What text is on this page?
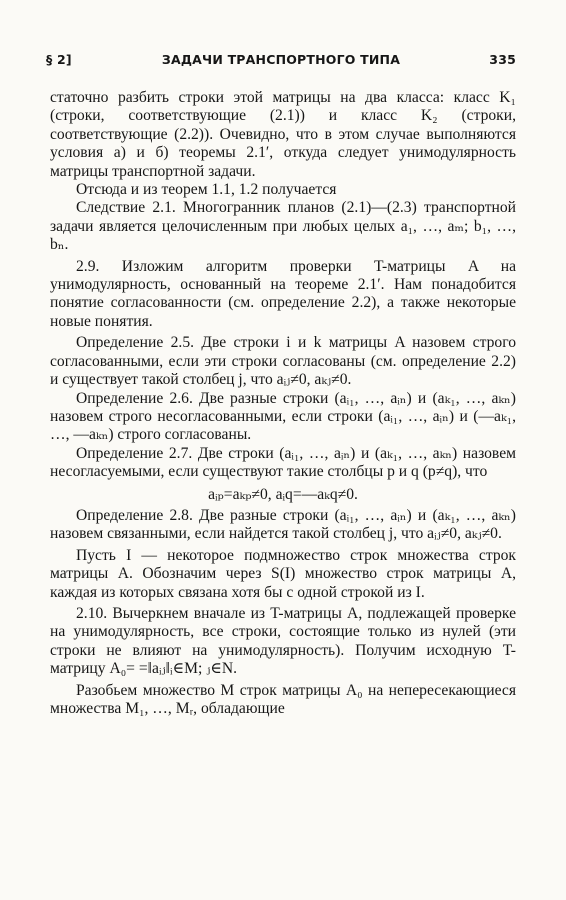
§ 2]	ЗАДАЧИ ТРАНСПОРТНОГО ТИПА	335

статочно разбить строки этой матрицы на два класса: класс K₁ (строки, соответствующие (2.1)) и класс K₂ (строки, соответствующие (2.2)). Очевидно, что в этом случае выполняются условия а) и б) теоремы 2.1′, откуда следует унимодулярность матрицы транспортной задачи.

Отсюда и из теорем 1.1, 1.2 получается

Следствие 2.1. Многогранник планов (2.1)—(2.3) транспортной задачи является целочисленным при любых целых a₁, …, aₘ; b₁, …, bₙ.

2.9. Изложим алгоритм проверки T-матрицы A на унимодулярность, основанный на теореме 2.1′. Нам понадобится понятие согласованности (см. определение 2.2), а также некоторые новые понятия.

Определение 2.5. Две строки i и k матрицы A назовем строго согласованными, если эти строки согласованы (см. определение 2.2) и существует такой столбец j, что aᵢⱼ≠0, aₖⱼ≠0.

Определение 2.6. Две разные строки (aᵢ₁, …, aᵢₙ) и (aₖ₁, …, aₖₙ) назовем строго несогласованными, если строки (aᵢ₁, …, aᵢₙ) и (—aₖ₁, …, —aₖₙ) строго согласованы.

Определение 2.7. Две строки (aᵢ₁, …, aᵢₙ) и (aₖ₁, …, aₖₙ) назовем несогласуемыми, если существуют такие столбцы p и q (p≠q), что

aᵢₚ=aₖₚ≠0, aᵢq=—aₖq≠0.

Определение 2.8. Две разные строки (aᵢ₁, …, aᵢₙ) и (aₖ₁, …, aₖₙ) назовем связанными, если найдется такой столбец j, что aᵢⱼ≠0, aₖⱼ≠0.

Пусть I — некоторое подмножество строк множества строк матрицы A. Обозначим через S(I) множество строк матрицы A, каждая из которых связана хотя бы с одной строкой из I.

2.10. Вычеркнем вначале из T-матрицы A, подлежащей проверке на унимодулярность, все строки, состоящие только из нулей (эти строки не влияют на унимодулярность). Получим исходную T-матрицу A₀= =‖aᵢⱼ‖ᵢ∈M; ⱼ∈N.

Разобьем множество M строк матрицы A₀ на непересекающиеся множества M₁, …, Mᵣ, обладающие
